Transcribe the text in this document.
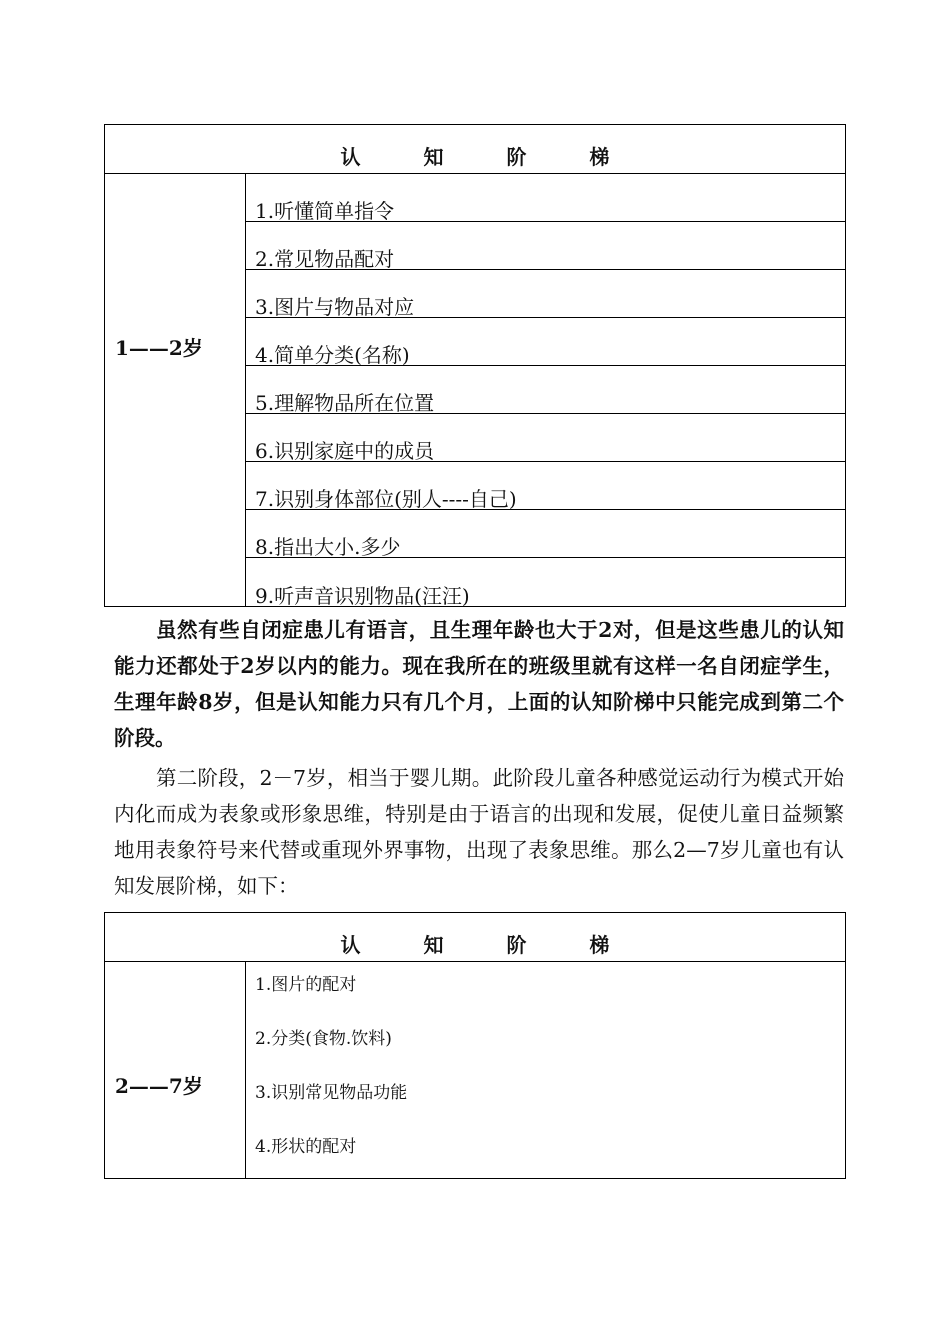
认 知 阶 梯
1——2岁
1.听懂简单指令
2.常见物品配对
3.图片与物品对应
4.简单分类(名称)
5.理解物品所在位置
6.识别家庭中的成员
7.识别身体部位(别人----自己)
8.指出大小.多少
9.听声音识别物品(汪汪)

虽然有些自闭症患儿有语言，且生理年龄也大于2对，但是这些患儿的认知能力还都处于2岁以内的能力。现在我所在的班级里就有这样一名自闭症学生，生理年龄8岁，但是认知能力只有几个月，上面的认知阶梯中只能完成到第二个阶段。

第二阶段，2－7岁，相当于婴儿期。此阶段儿童各种感觉运动行为模式开始内化而成为表象或形象思维，特别是由于语言的出现和发展，促使儿童日益频繁地用表象符号来代替或重现外界事物，出现了表象思维。那么2—7岁儿童也有认知发展阶梯，如下：

认 知 阶 梯
2——7岁
1.图片的配对
2.分类(食物.饮料)
3.识别常见物品功能
4.形状的配对
